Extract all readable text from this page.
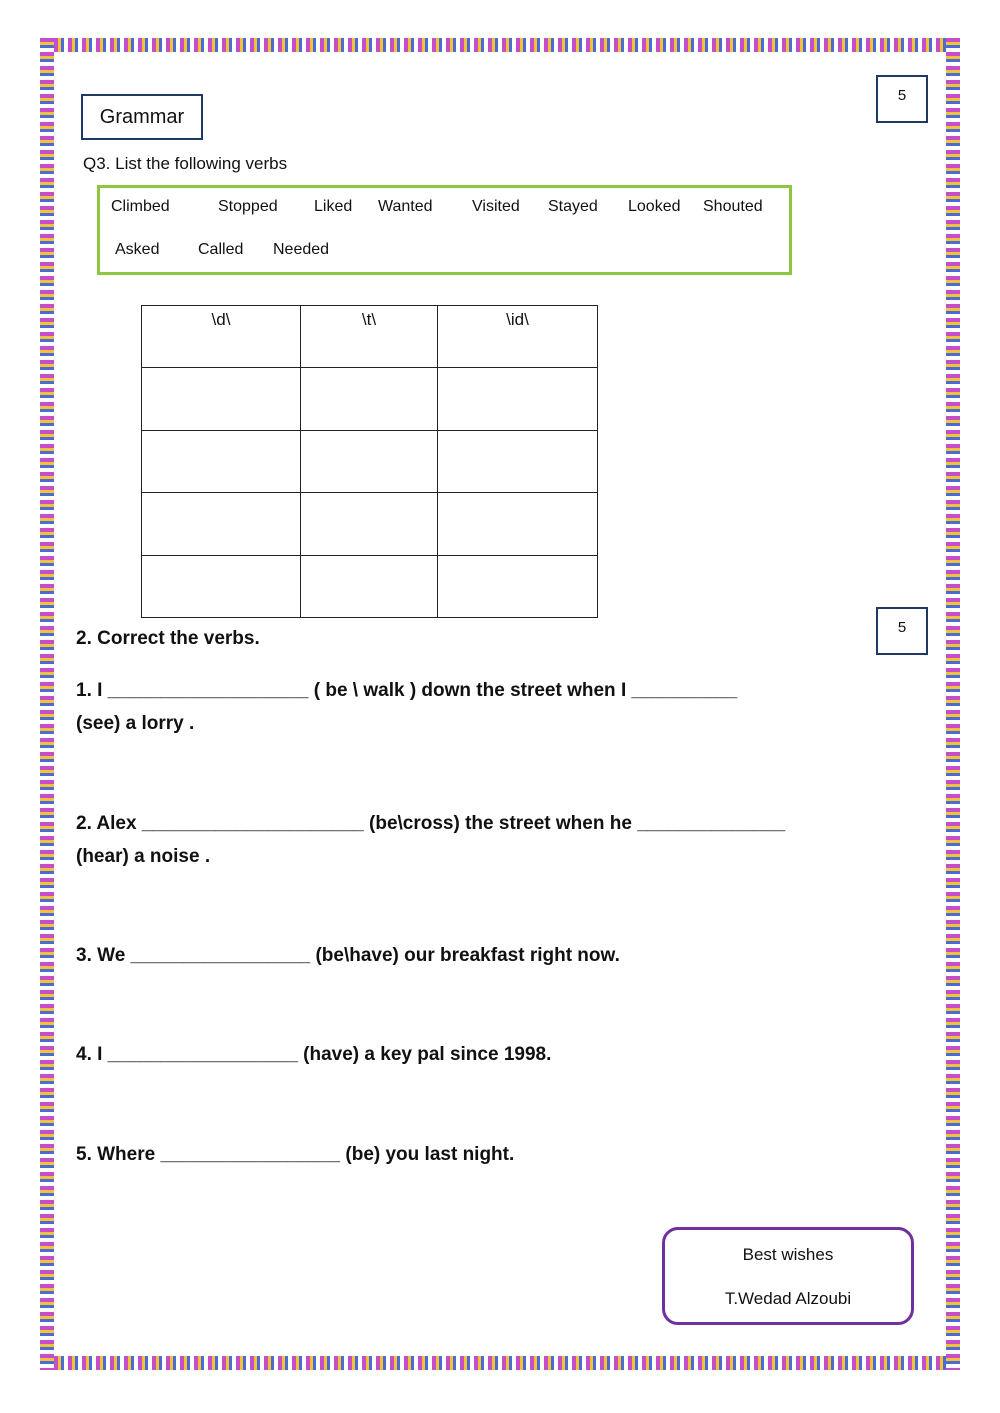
Grammar
5
Q3. List the following verbs
Climbed	Stopped Liked Wanted Visited Stayed Looked Shouted
Asked Called Needed
\d\	\t\	\id\

5
2. Correct the verbs.
1. I ___________________ ( be \ walk ) down the street when I __________
(see) a lorry .
2. Alex _____________________ (be\cross) the street when he ______________
(hear) a noise .
3. We _________________ (be\have) our breakfast right now.
4. I __________________ (have) a key pal since 1998.
5. Where _________________ (be) you last night.
Best wishes
T.Wedad Alzoubi
